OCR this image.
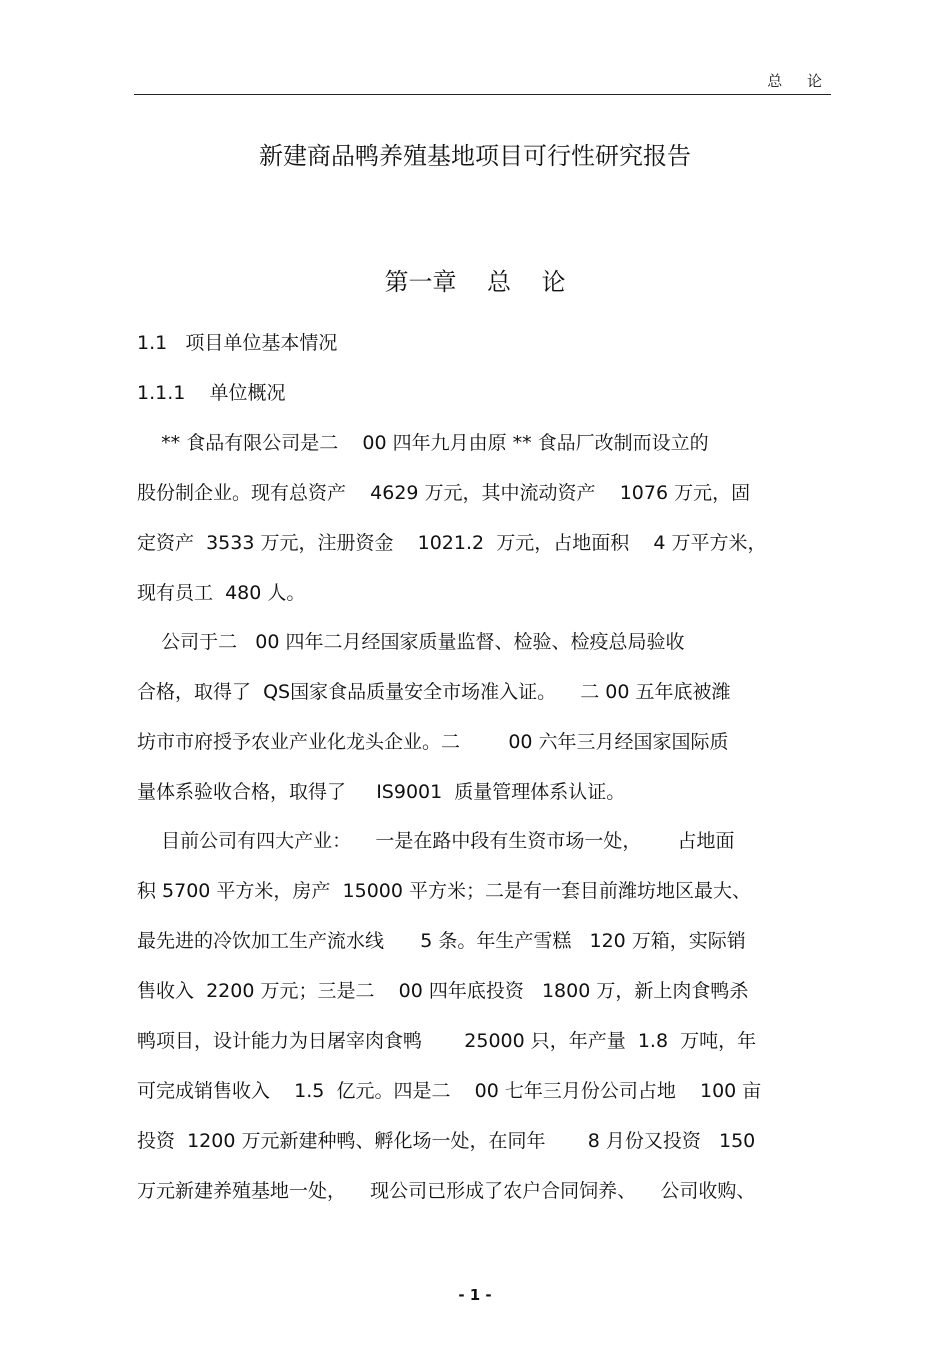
总 论
新建商品鸭养殖基地项目可行性研究报告
第一章    总    论
1.1   项目单位基本情况
1.1.1    单位概况
** 食品有限公司是二    00 四年九月由原 ** 食品厂改制而设立的
股份制企业。现有总资产    4629 万元，其中流动资产    1076 万元，固
定资产  3533 万元，注册资金    1021.2  万元，占地面积    4 万平方米，
现有员工  480 人。
公司于二   00 四年二月经国家质量监督、检验、检疫总局验收
合格，取得了  QS国家食品质量安全市场准入证。    二 00 五年底被潍
坊市市府授予农业产业化龙头企业。二        00 六年三月经国家国际质
量体系验收合格，取得了     IS9001  质量管理体系认证。
目前公司有四大产业：    一是在路中段有生资市场一处，      占地面
积 5700 平方米，房产  15000 平方米；二是有一套目前潍坊地区最大、
最先进的冷饮加工生产流水线      5 条。年生产雪糕   120 万箱，实际销
售收入  2200 万元；三是二    00 四年底投资   1800 万，新上肉食鸭杀
鸭项目，设计能力为日屠宰肉食鸭       25000 只，年产量  1.8  万吨，年
可完成销售收入    1.5  亿元。四是二    00 七年三月份公司占地    100 亩
投资  1200 万元新建种鸭、孵化场一处，在同年       8 月份又投资   150
万元新建养殖基地一处，    现公司已形成了农户合同饲养、    公司收购、
- 1 -
